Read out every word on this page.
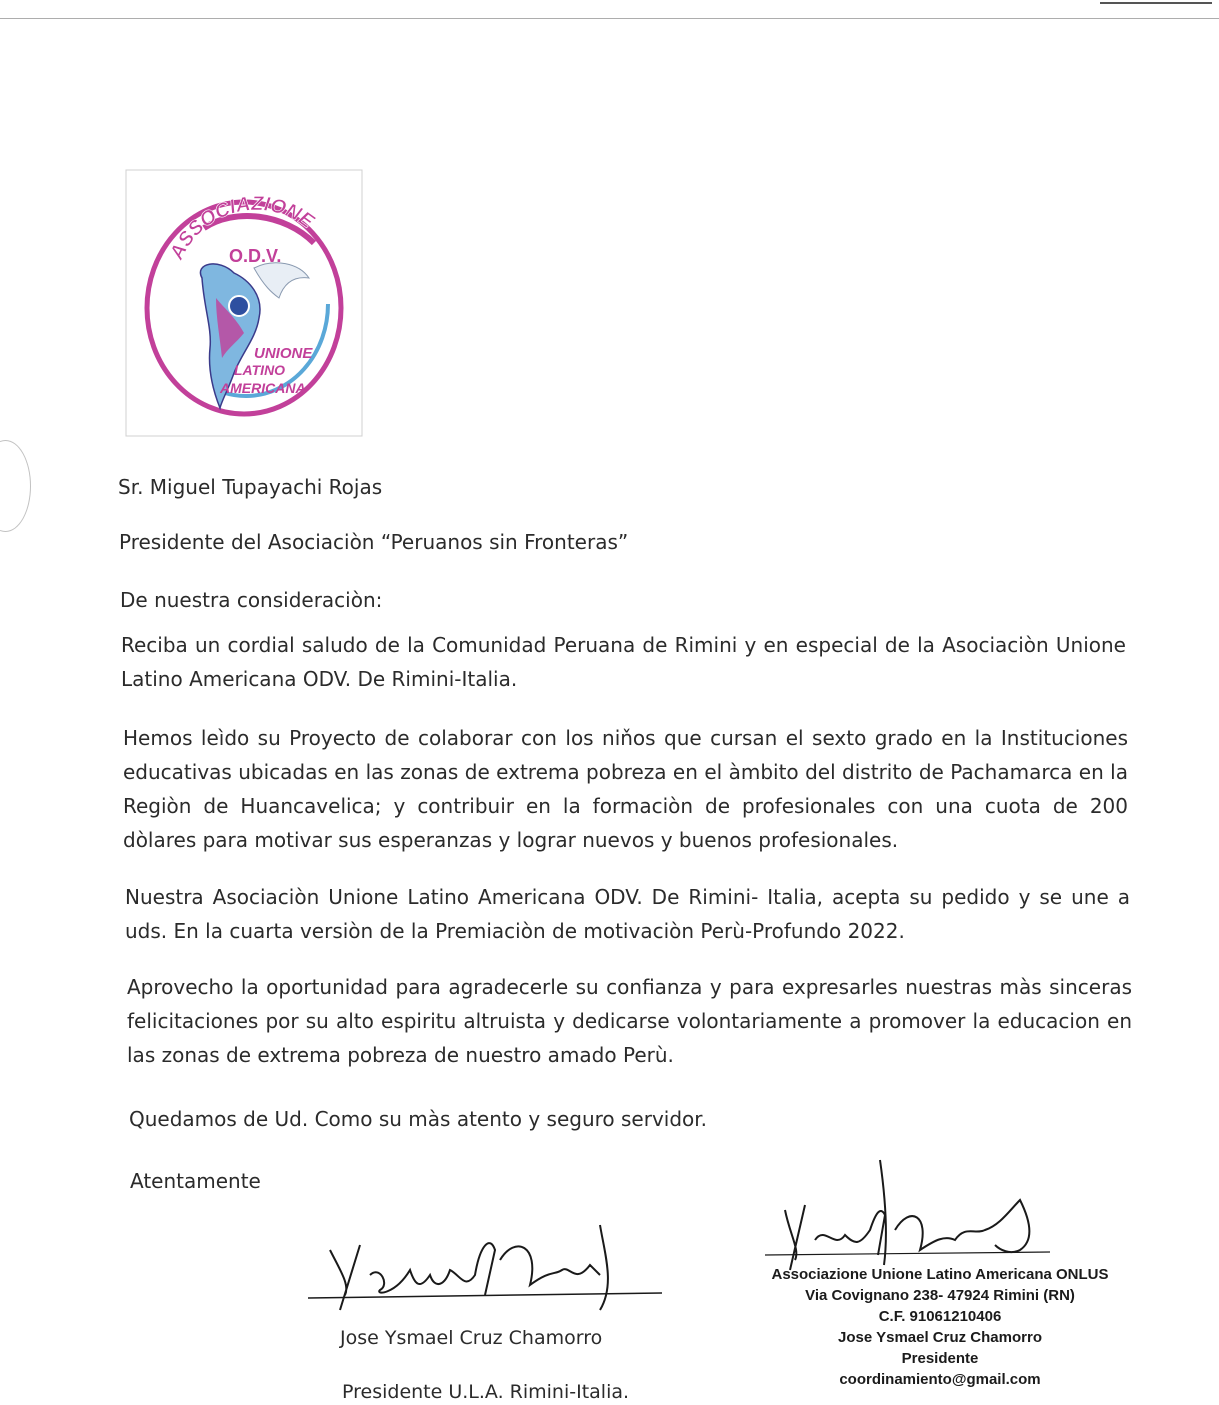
ASSOCIAZIONE
O.D.V.
UNIONE
LATINO
AMERICANA
Sr. Miguel Tupayachi Rojas
Presidente del Asociaciòn “Peruanos sin Fronteras”
De nuestra consideraciòn:
Reciba un cordial saludo de la Comunidad Peruana de Rimini y en especial de la Asociaciòn Unione Latino Americana ODV. De Rimini-Italia.
Hemos leìdo su Proyecto de colaborar con los niňos que cursan el sexto grado en la Instituciones educativas ubicadas en las zonas de extrema pobreza en el àmbito del distrito de Pachamarca en la Regiòn de Huancavelica; y contribuir en la formaciòn de profesionales con una cuota de 200 dòlares para motivar sus esperanzas y lograr nuevos y buenos profesionales.
Nuestra Asociaciòn Unione Latino Americana ODV. De Rimini- Italia, acepta su pedido y se une a uds. En la cuarta versiòn de la Premiaciòn de motivaciòn Perù-Profundo 2022.
Aprovecho la oportunidad para agradecerle su confianza y para expresarles nuestras màs sinceras felicitaciones por su alto espiritu altruista y dedicarse volontariamente a promover la educacion en las zonas de extrema pobreza de nuestro amado Perù.
Quedamos de Ud. Como su màs atento y seguro servidor.
Atentamente
Jose Ysmael Cruz Chamorro
Presidente U.L.A. Rimini-Italia.
Associazione Unione Latino Americana ONLUS
Via Covignano 238- 47924 Rimini (RN)
C.F. 91061210406
Jose Ysmael Cruz Chamorro
Presidente
coordinamiento@gmail.com
